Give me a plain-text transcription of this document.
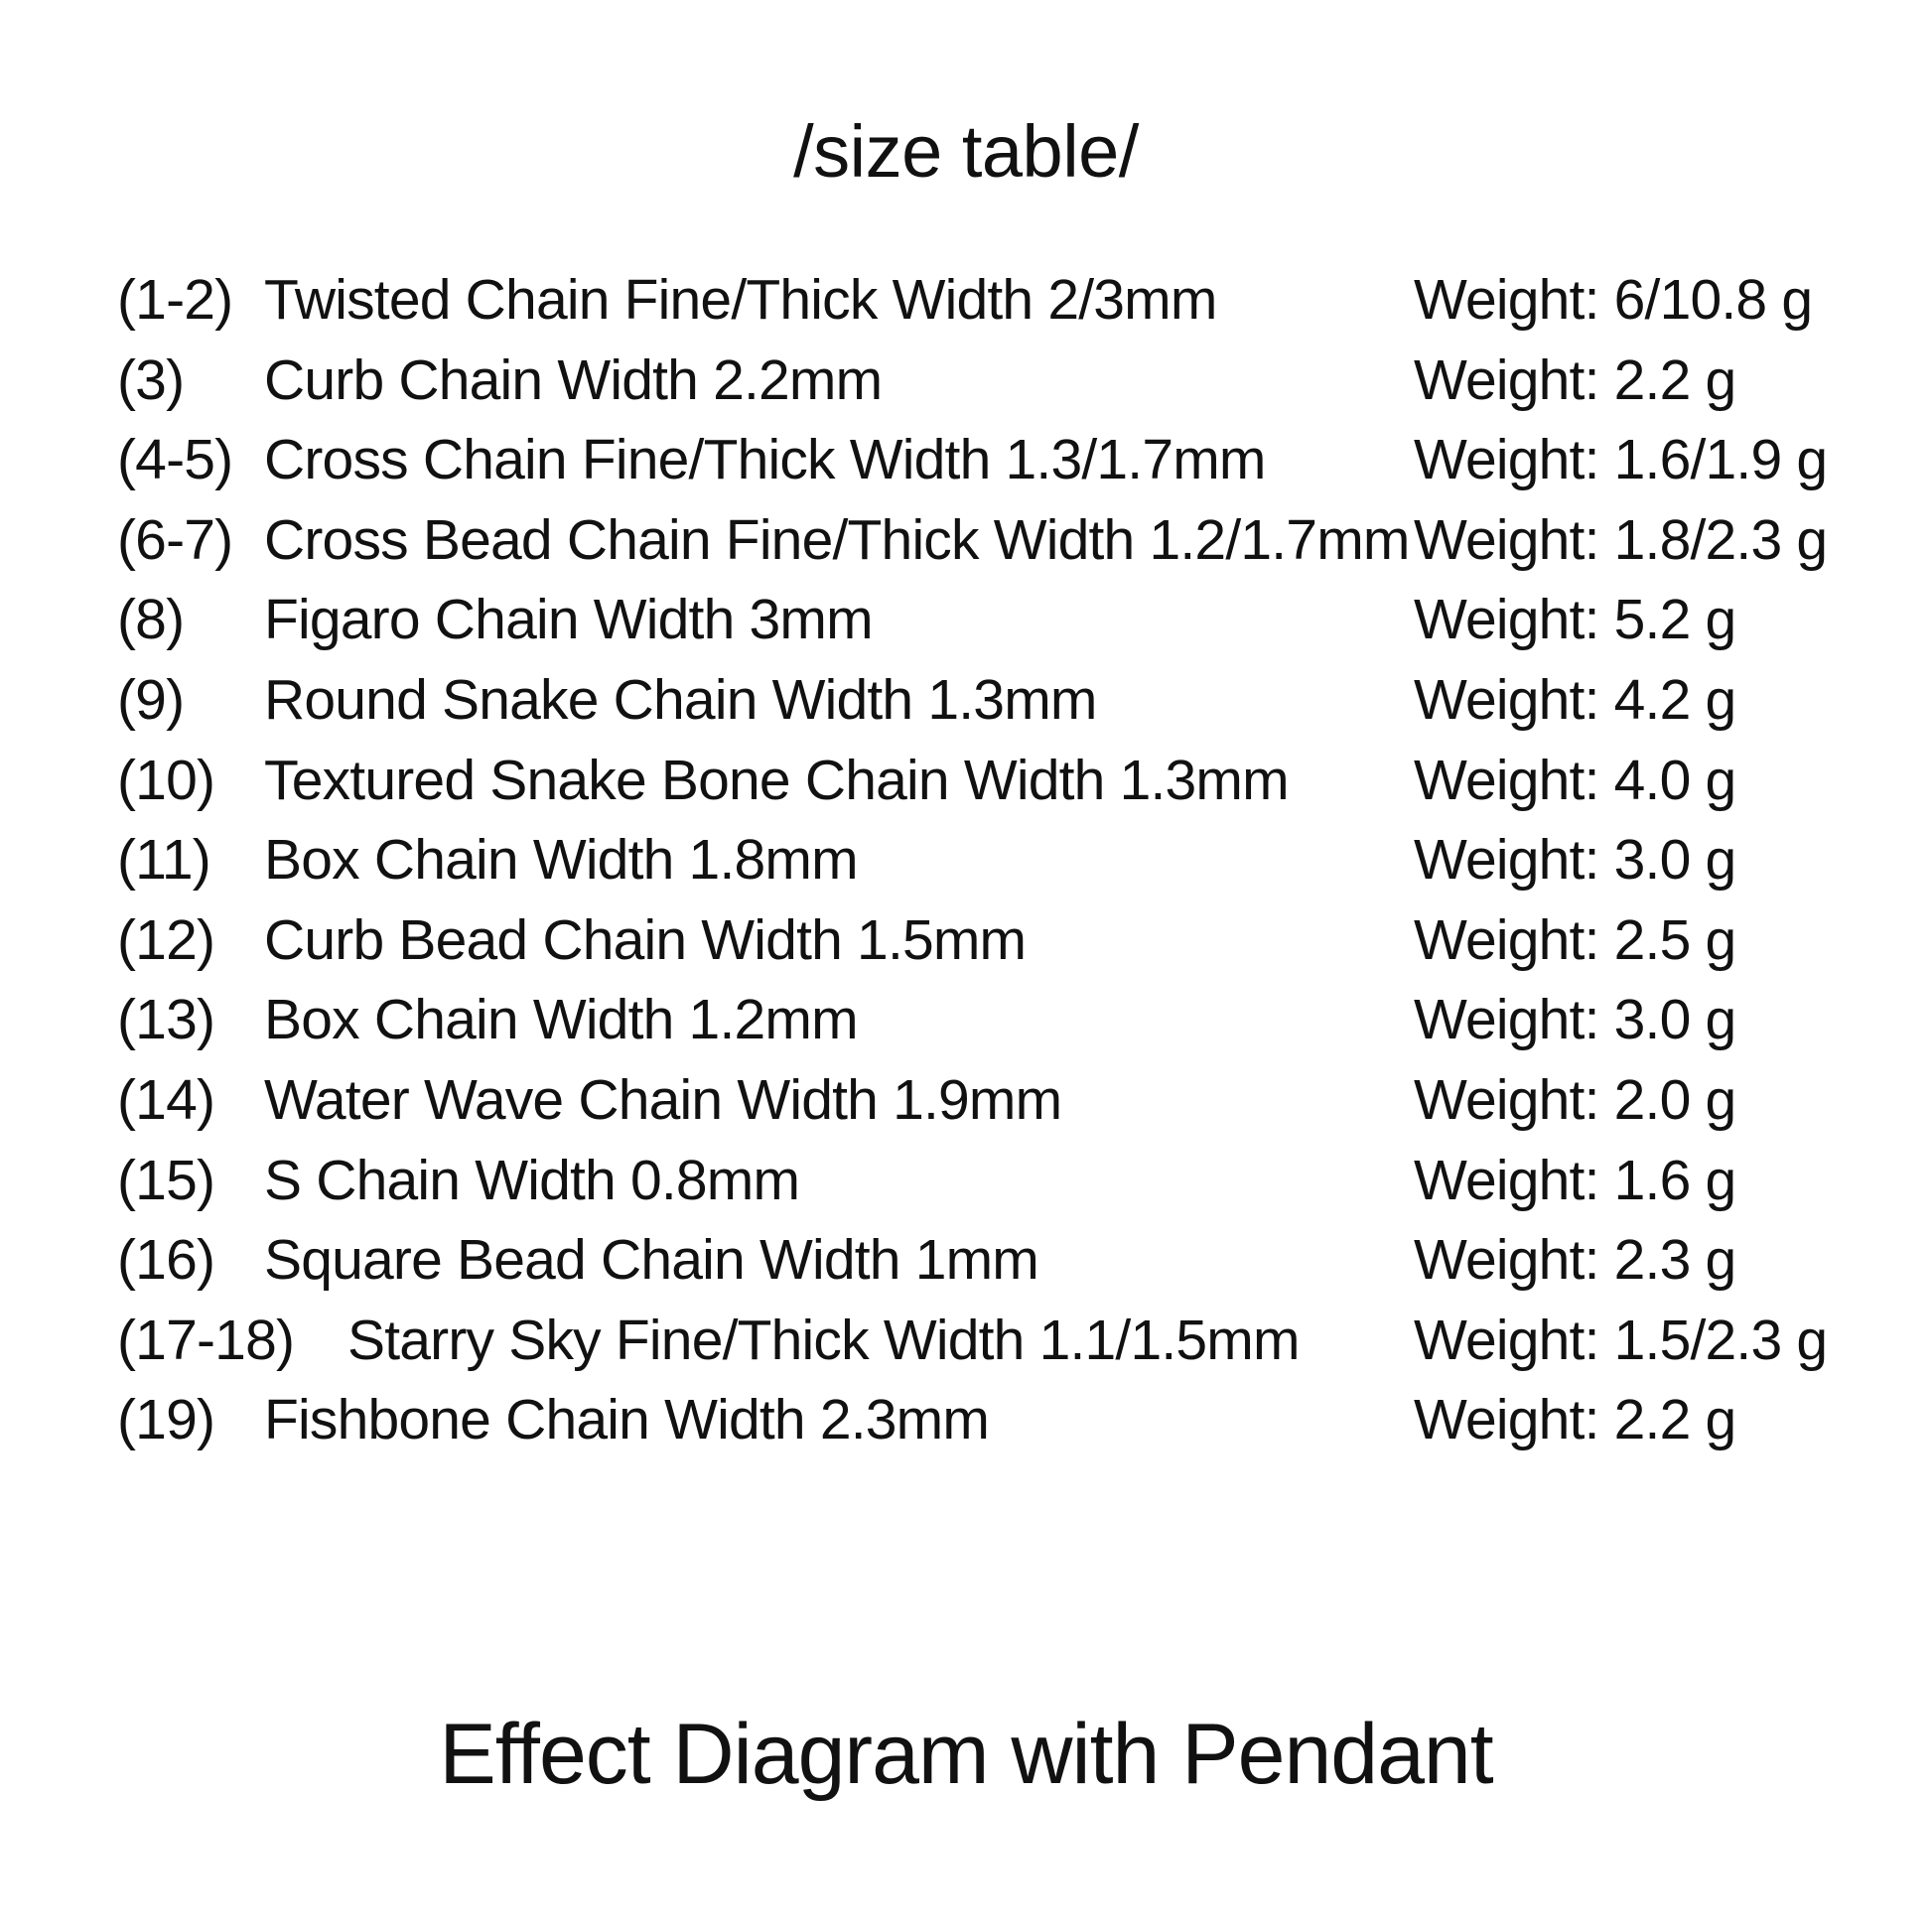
/size table/
(1-2) Twisted Chain Fine/Thick Width 2/3mm	Weight: 6/10.8 g
(3) Curb Chain Width 2.2mm	Weight: 2.2 g
(4-5) Cross Chain Fine/Thick Width 1.3/1.7mm	Weight: 1.6/1.9 g
(6-7) Cross Bead Chain Fine/Thick Width 1.2/1.7mm Weight: 1.8/2.3 g
(8) Figaro Chain Width 3mm	Weight: 5.2 g
(9) Round Snake Chain Width 1.3mm	Weight: 4.2 g
(10) Textured Snake Bone Chain Width 1.3mm Weight: 4.0 g
(11) Box Chain Width 1.8mm	Weight: 3.0 g
(12) Curb Bead Chain Width 1.5mm	Weight: 2.5 g
(13) Box Chain Width 1.2mm	Weight: 3.0 g
(14) Water Wave Chain Width 1.9mm	Weight: 2.0 g
(15) S Chain Width 0.8mm	Weight: 1.6 g
(16) Square Bead Chain Width 1mm	Weight: 2.3 g
(17-18) Starry Sky Fine/Thick Width 1.1/1.5mm Weight: 1.5/2.3 g
(19) Fishbone Chain Width 2.3mm	Weight: 2.2 g
Effect Diagram with Pendant
